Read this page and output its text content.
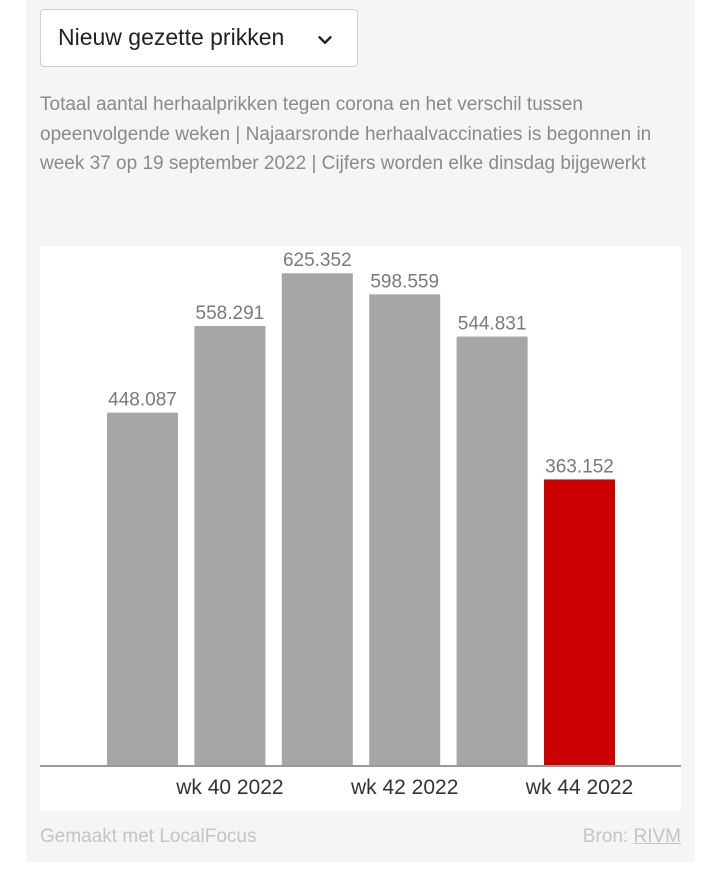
Nieuw gezette prikken
Totaal aantal herhaalprikken tegen corona en het verschil tussen opeenvolgende weken | Najaarsronde herhaalvaccinaties is begonnen in week 37 op 19 september 2022 | Cijfers worden elke dinsdag bijgewerkt
448.087
558.291
wk 40 2022
625.352
598.559
wk 42 2022
544.831
363.152
wk 44 2022
Gemaakt met LocalFocus	Bron: RIVM
